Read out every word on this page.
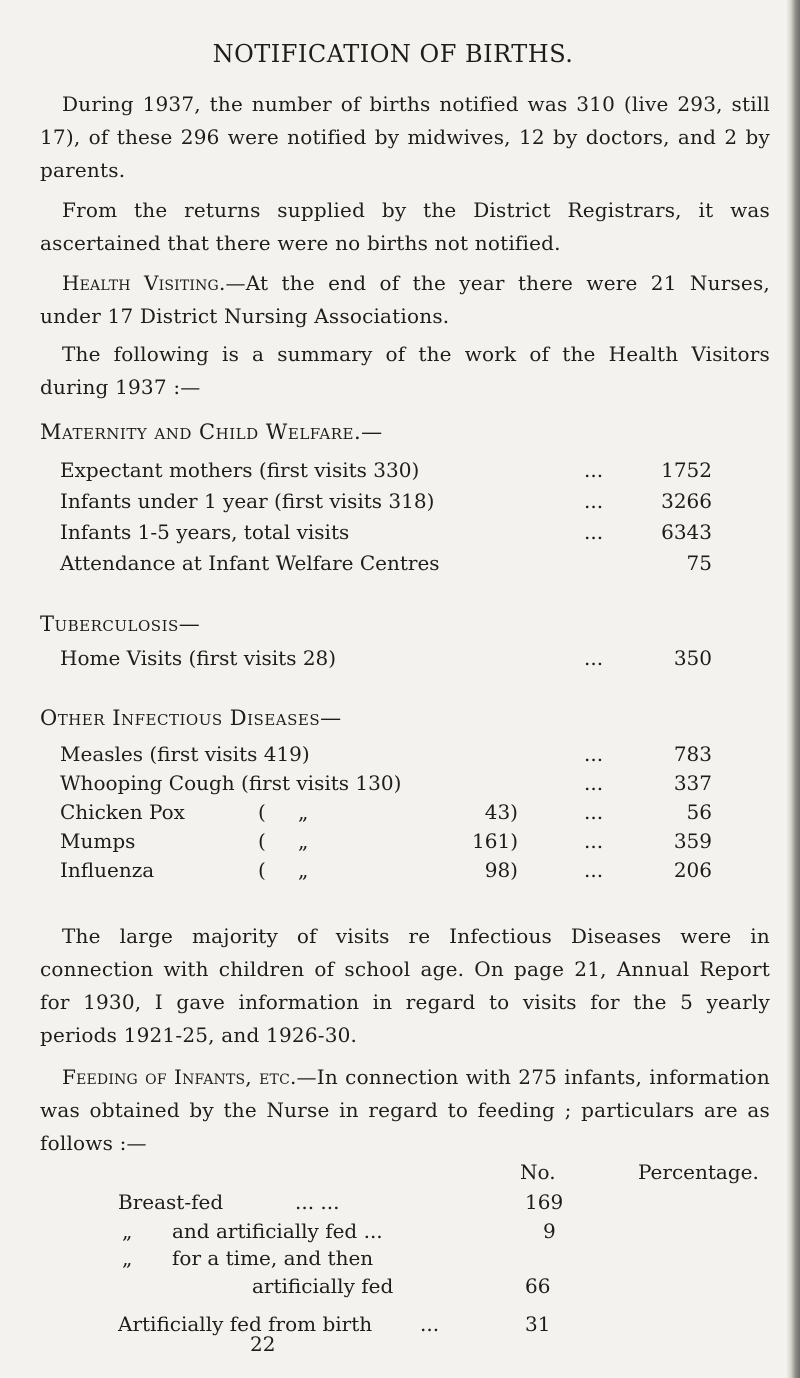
NOTIFICATION OF BIRTHS.
During 1937, the number of births notified was 310 (live 293, still 17), of these 296 were notified by midwives, 12 by doctors, and 2 by parents.
From the returns supplied by the District Registrars, it was ascertained that there were no births not notified.
Health Visiting.—At the end of the year there were 21 Nurses, under 17 District Nursing Associations.
The following is a summary of the work of the Health Visitors during 1937 :—
Maternity and Child Welfare.—
Expectant mothers (first visits 330)	...	1752
Infants under 1 year (first visits 318)	...	3266
Infants 1-5 years, total visits	...	6343
Attendance at Infant Welfare Centres	75
Tuberculosis—
Home Visits (first visits 28)	...	350
Other Infectious Diseases—
Measles (first visits 419)	...	783
Whooping Cough (first visits 130)	...	337
Chicken Pox	( „	43)	...	56
Mumps	( „	161)	...	359
Influenza	( „	98)	...	206
The large majority of visits re Infectious Diseases were in connection with children of school age. On page 21, Annual Report for 1930, I gave information in regard to visits for the 5 yearly periods 1921-25, and 1926-30.
Feeding of Infants, etc.—In connection with 275 infants, information was obtained by the Nurse in regard to feeding ; particulars are as follows :—
No.	Percentage.
Breast-fed	... ...	169
„ and artificially fed ...	9
„ for a time, and then
artificially fed	66
Artificially fed from birth ...	31
22
